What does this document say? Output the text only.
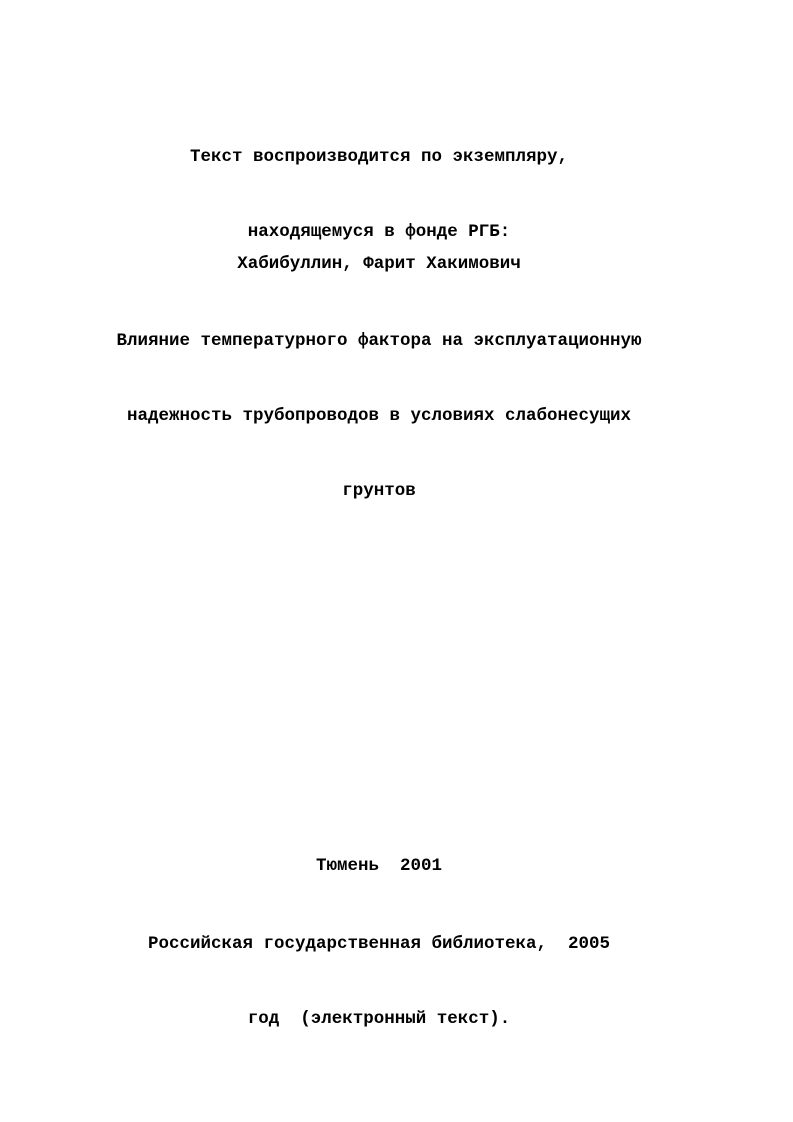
Текст воспроизводится по экземпляру,

находящемуся в фонде РГБ:

Хабибуллин, Фарит Хакимович

Влияние температурного фактора на эксплуатационную

надежность трубопроводов в условиях слабонесущих

грунтов

Тюмень  2001

Российская государственная библиотека,  2005

год  (электронный текст).
